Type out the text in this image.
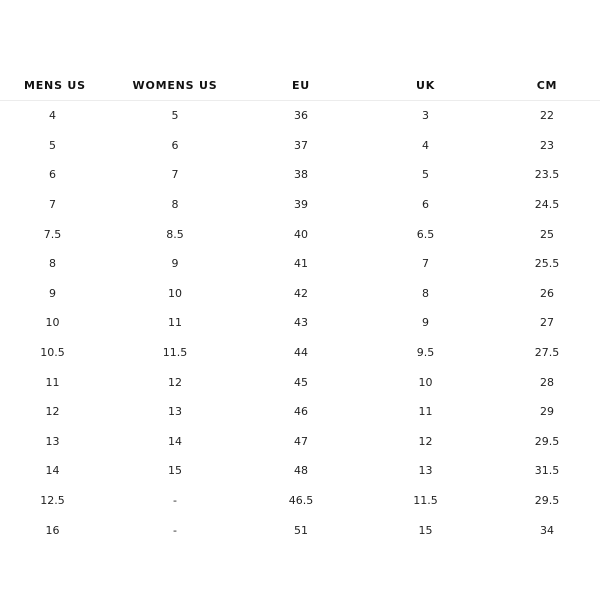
MENS US	WOMENS US	EU	UK	CM
4	5	36	3	22
5	6	37	4	23
6	7	38	5	23.5
7	8	39	6	24.5
7.5	8.5	40	6.5	25
8	9	41	7	25.5
9	10	42	8	26
10	11	43	9	27
10.5	11.5	44	9.5	27.5
11	12	45	10	28
12	13	46	11	29
13	14	47	12	29.5
14	15	48	13	31.5
12.5	-	46.5	11.5	29.5
16	-	51	15	34
